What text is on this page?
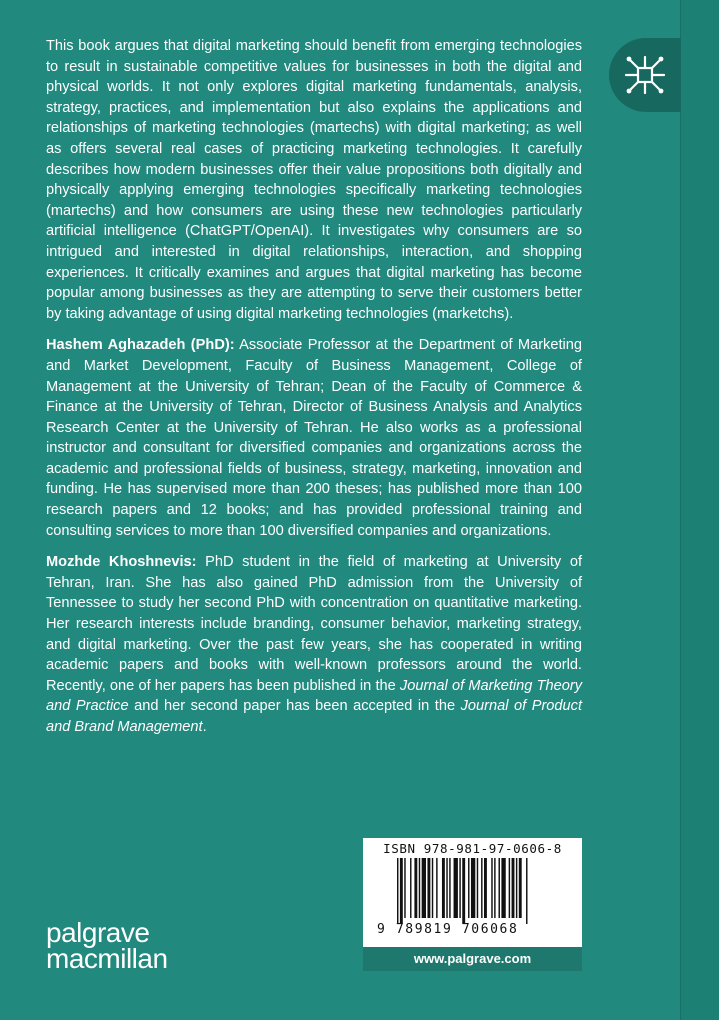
This book argues that digital marketing should benefit from emerging technologies to result in sustainable competitive values for businesses in both the digital and physical worlds. It not only explores digital marketing fundamentals, analysis, strategy, practices, and implementation but also explains the applications and relationships of marketing technologies (martechs) with digital marketing; as well as offers several real cases of practicing marketing technologies. It carefully describes how modern businesses offer their value propositions both digitally and physically applying emerging technologies specifically marketing technologies (martechs) and how consumers are using these new technologies particularly artificial intelligence (ChatGPT/OpenAI). It investigates why consumers are so intrigued and interested in digital relationships, interaction, and shopping experiences. It critically examines and argues that digital marketing has become popular among businesses as they are attempting to serve their customers better by taking advantage of using digital marketing technologies (marketchs).

Hashem Aghazadeh (PhD): Associate Professor at the Department of Marketing and Market Development, Faculty of Business Management, College of Management at the University of Tehran; Dean of the Faculty of Commerce & Finance at the University of Tehran, Director of Business Analysis and Analytics Research Center at the University of Tehran. He also works as a professional instructor and consultant for diversified companies and organizations across the academic and professional fields of business, strategy, marketing, innovation and funding. He has supervised more than 200 theses; has published more than 100 research papers and 12 books; and has provided professional training and consulting services to more than 100 diversified companies and organizations.

Mozhde Khoshnevis: PhD student in the field of marketing at University of Tehran, Iran. She has also gained PhD admission from the University of Tennessee to study her second PhD with concentration on quantitative marketing. Her research interests include branding, consumer behavior, marketing strategy, and digital marketing. Over the past few years, she has cooperated in writing academic papers and books with well-known professors around the world. Recently, one of her papers has been published in the Journal of Marketing Theory and Practice and her second paper has been accepted in the Journal of Product and Brand Management.

ISBN 978-981-97-0606-8
9 789819 706068
www.palgrave.com
palgrave
macmillan
